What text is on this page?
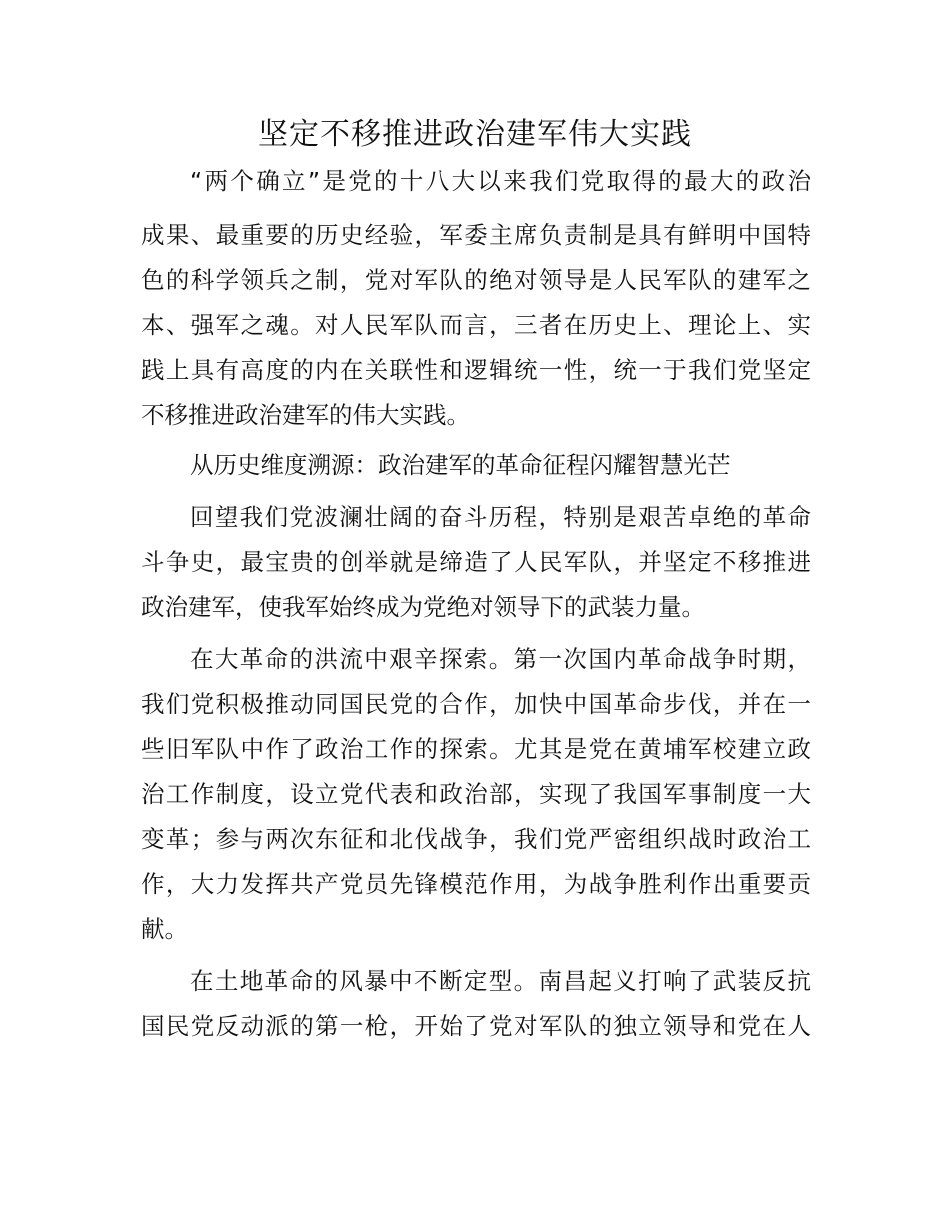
坚定不移推进政治建军伟大实践
“两个确立”是党的十八大以来我们党取得的最大的政治
成果、最重要的历史经验，军委主席负责制是具有鲜明中国特
色的科学领兵之制，党对军队的绝对领导是人民军队的建军之
本、强军之魂。对人民军队而言，三者在历史上、理论上、实
践上具有高度的内在关联性和逻辑统一性，统一于我们党坚定
不移推进政治建军的伟大实践。
从历史维度溯源：政治建军的革命征程闪耀智慧光芒
回望我们党波澜壮阔的奋斗历程，特别是艰苦卓绝的革命
斗争史，最宝贵的创举就是缔造了人民军队，并坚定不移推进
政治建军，使我军始终成为党绝对领导下的武装力量。
在大革命的洪流中艰辛探索。第一次国内革命战争时期，
我们党积极推动同国民党的合作，加快中国革命步伐，并在一
些旧军队中作了政治工作的探索。尤其是党在黄埔军校建立政
治工作制度，设立党代表和政治部，实现了我国军事制度一大
变革；参与两次东征和北伐战争，我们党严密组织战时政治工
作，大力发挥共产党员先锋模范作用，为战争胜利作出重要贡
献。
在土地革命的风暴中不断定型。南昌起义打响了武装反抗
国民党反动派的第一枪，开始了党对军队的独立领导和党在人
